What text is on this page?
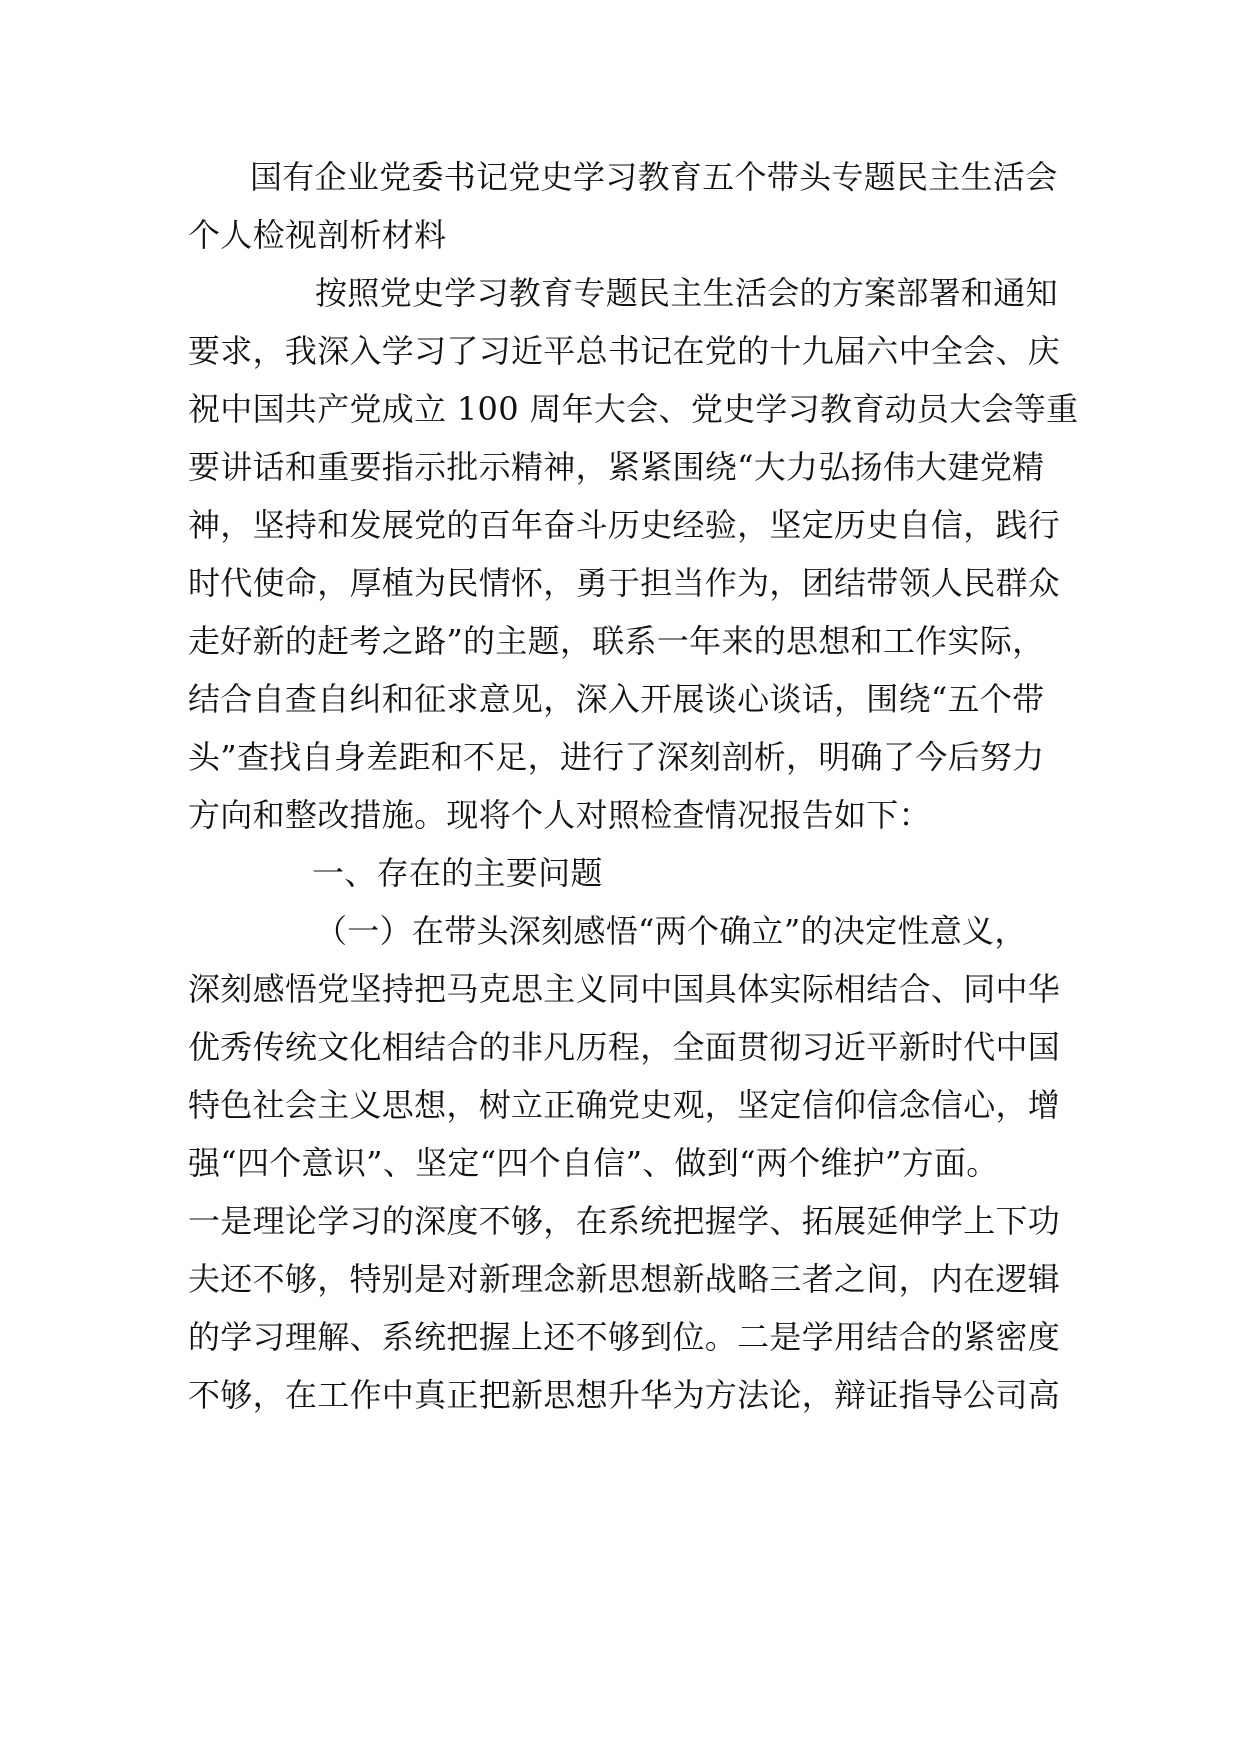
国有企业党委书记党史学习教育五个带头专题民主生活会
个人检视剖析材料
按照党史学习教育专题民主生活会的方案部署和通知
要求，我深入学习了习近平总书记在党的十九届六中全会、庆
祝中国共产党成立 100 周年大会、党史学习教育动员大会等重
要讲话和重要指示批示精神，紧紧围绕“大力弘扬伟大建党精
神，坚持和发展党的百年奋斗历史经验，坚定历史自信，践行
时代使命，厚植为民情怀，勇于担当作为，团结带领人民群众
走好新的赶考之路”的主题，联系一年来的思想和工作实际，
结合自查自纠和征求意见，深入开展谈心谈话，围绕“五个带
头”查找自身差距和不足，进行了深刻剖析，明确了今后努力
方向和整改措施。现将个人对照检查情况报告如下：
一、存在的主要问题
（一）在带头深刻感悟“两个确立”的决定性意义，
深刻感悟党坚持把马克思主义同中国具体实际相结合、同中华
优秀传统文化相结合的非凡历程，全面贯彻习近平新时代中国
特色社会主义思想，树立正确党史观，坚定信仰信念信心，增
强“四个意识”、坚定“四个自信”、做到“两个维护”方面。
一是理论学习的深度不够，在系统把握学、拓展延伸学上下功
夫还不够，特别是对新理念新思想新战略三者之间，内在逻辑
的学习理解、系统把握上还不够到位。二是学用结合的紧密度
不够，在工作中真正把新思想升华为方法论，辩证指导公司高
